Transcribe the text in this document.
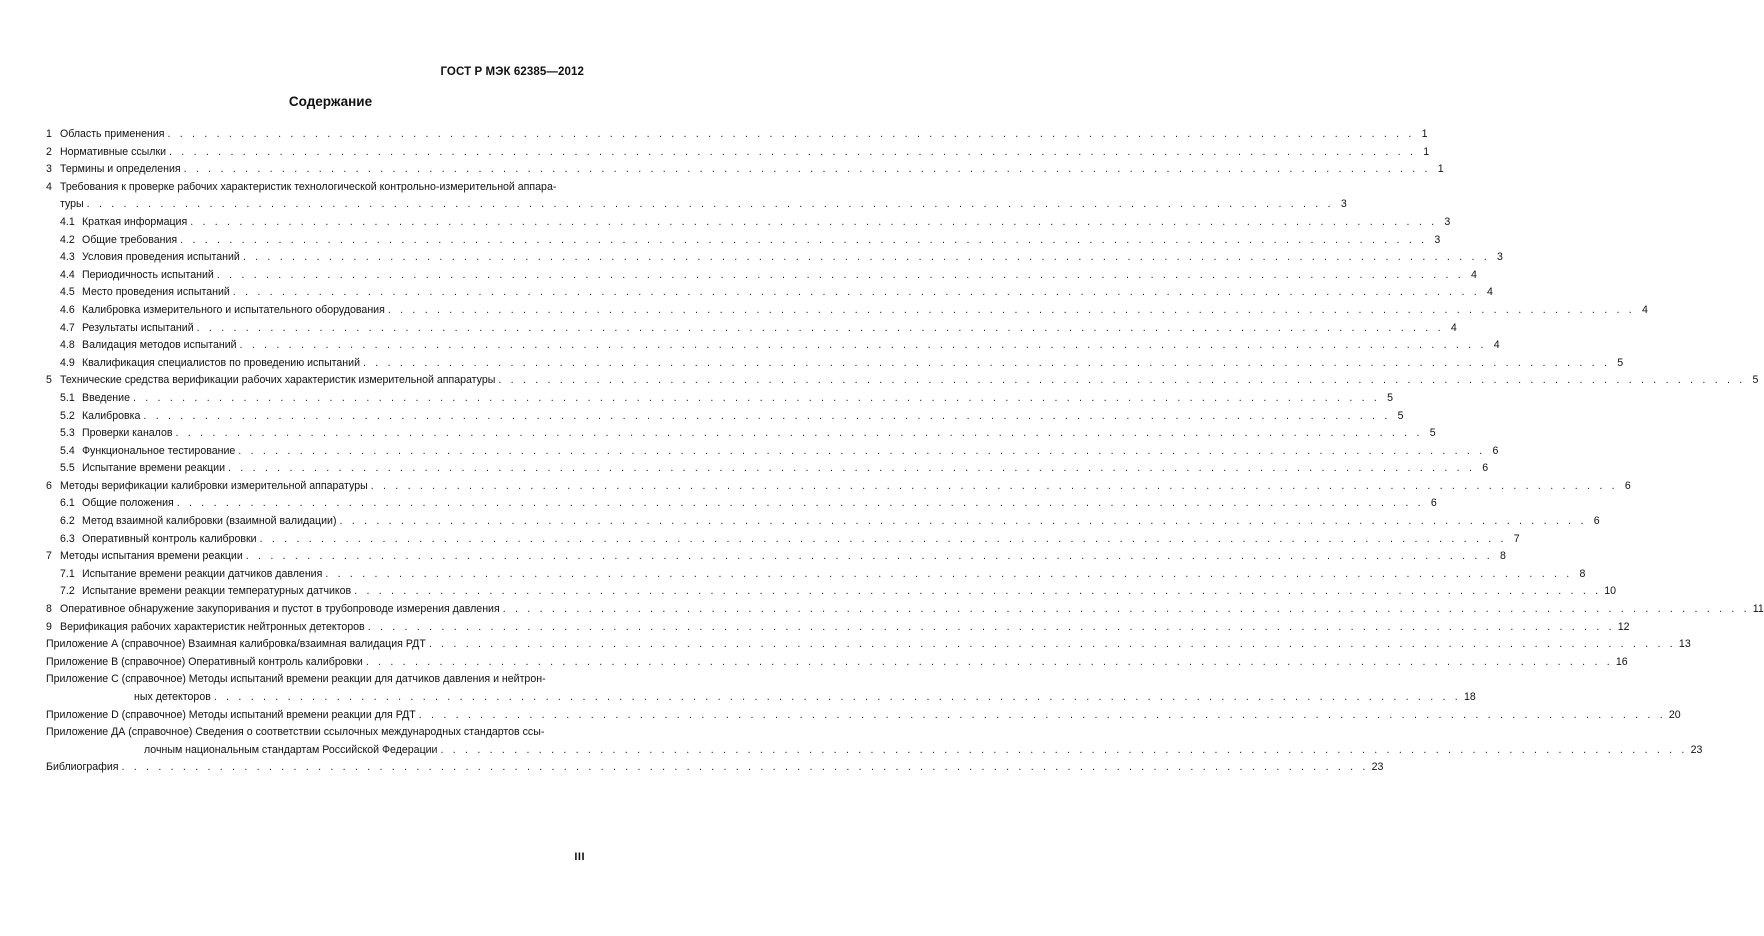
ГОСТ Р МЭК 62385—2012
Содержание
1 Область применения . . .	1
2 Нормативные ссылки . . .	1
3 Термины и определения . . .	1
4 Требования к проверке рабочих характеристик технологической контрольно-измерительной аппара-
туры . . .	3
4.1 Краткая информация . . .	3
4.2 Общие требования . . .	3
4.3 Условия проведения испытаний . . .	3
4.4 Периодичность испытаний . . .	4
4.5 Место проведения испытаний . . .	4
4.6 Калибровка измерительного и испытательного оборудования . . .	4
4.7 Результаты испытаний . . .	4
4.8 Валидация методов испытаний . . .	4
4.9 Квалификация специалистов по проведению испытаний . . .	5
5 Технические средства верификации рабочих характеристик измерительной аппаратуры . . .	5
5.1 Введение . . .	5
5.2 Калибровка . . .	5
5.3 Проверки каналов . . .	5
5.4 Функциональное тестирование . . .	6
5.5 Испытание времени реакции . . .	6
6 Методы верификации калибровки измерительной аппаратуры . . .	6
6.1 Общие положения . . .	6
6.2 Метод взаимной калибровки (взаимной валидации) . . .	6
6.3 Оперативный контроль калибровки . . .	7
7 Методы испытания времени реакции . . .	8
7.1 Испытание времени реакции датчиков давления . . .	8
7.2 Испытание времени реакции температурных датчиков . . .	10
8 Оперативное обнаружение закупоривания и пустот в трубопроводе измерения давления . . .	11
9 Верификация рабочих характеристик нейтронных детекторов . . .	12
Приложение А (справочное) Взаимная калибровка/взаимная валидация РДТ . . .	13
Приложение В (справочное) Оперативный контроль калибровки . . .	16
Приложение С (справочное) Методы испытаний времени реакции для датчиков давления и нейтрон-
ных детекторов . . .	18
Приложение D (справочное) Методы испытаний времени реакции для РДТ . . .	20
Приложение ДА (справочное) Сведения о соответствии ссылочных международных стандартов ссы-
лочным национальным стандартам Российской Федерации . . .	23
Библиография . . .	23
III
